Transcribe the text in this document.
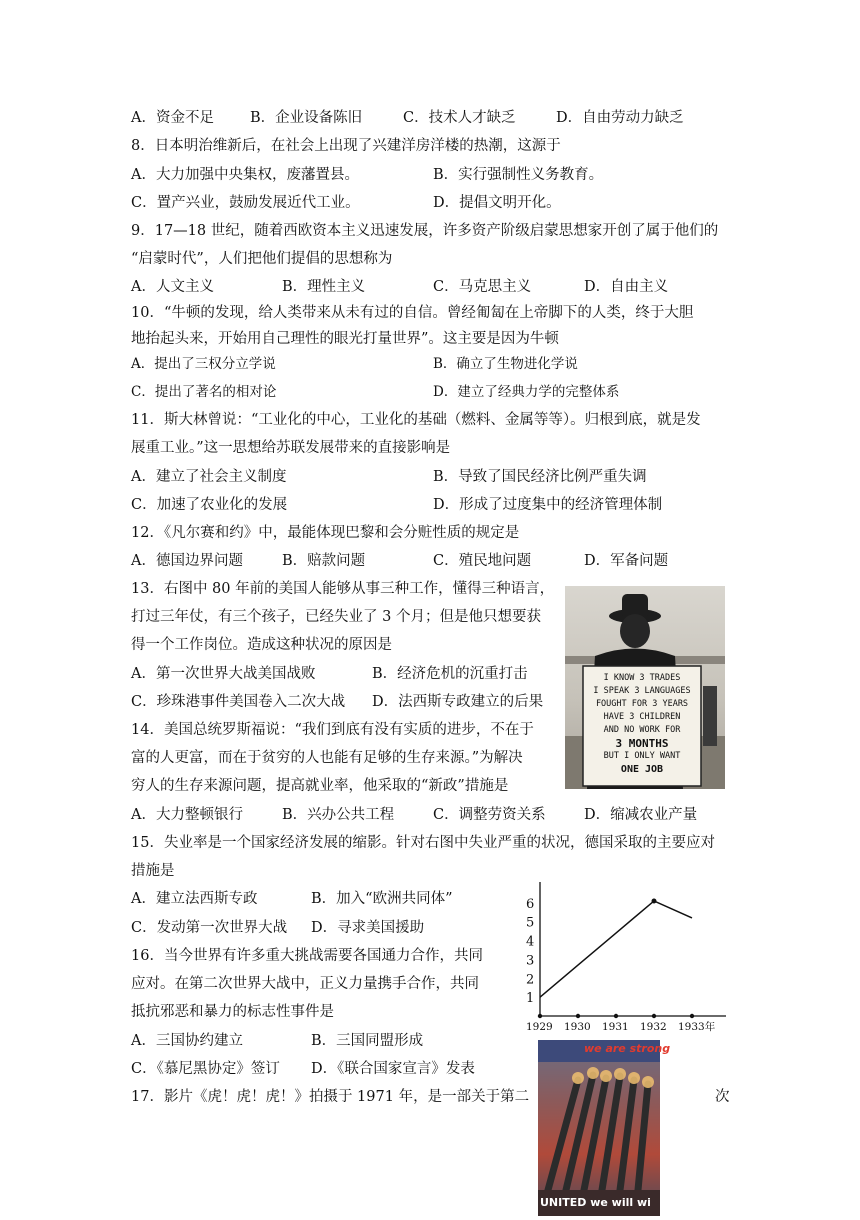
A．资金不足 B．企业设备陈旧	C．技术人才缺乏	D．自由劳动力缺乏
8．日本明治维新后，在社会上出现了兴建洋房洋楼的热潮，这源于
A．大力加强中央集权，废藩置县。	B．实行强制性义务教育。
C．置产兴业，鼓励发展近代工业。	D．提倡文明开化。
9．17—18 世纪，随着西欧资本主义迅速发展，许多资产阶级启蒙思想家开创了属于他们的
“启蒙时代”，人们把他们提倡的思想称为
A．人文主义	B．理性主义	C．马克思主义	D．自由主义
10．“牛顿的发现，给人类带来从未有过的自信。曾经匍匐在上帝脚下的人类，终于大胆
地抬起头来，开始用自己理性的眼光打量世界”。这主要是因为牛顿
A．提出了三权分立学说	B．确立了生物进化学说
C．提出了著名的相对论	D．建立了经典力学的完整体系
11．斯大林曾说：“工业化的中心，工业化的基础（燃料、金属等等）。归根到底，就是发
展重工业。”这一思想给苏联发展带来的直接影响是
A．建立了社会主义制度	B．导致了国民经济比例严重失调
C．加速了农业化的发展	D．形成了过度集中的经济管理体制
12．《凡尔赛和约》中，最能体现巴黎和会分赃性质的规定是
A．德国边界问题	B．赔款问题	C．殖民地问题	D．军备问题
13．右图中 80 年前的美国人能够从事三种工作，懂得三种语言，
打过三年仗，有三个孩子，已经失业了 3 个月；但是他只想要获
得一个工作岗位。造成这种状况的原因是
A．第一次世界大战美国战败	B．经济危机的沉重打击
C．珍珠港事件美国卷入二次大战 D．法西斯专政建立的后果
I KNOW 3 TRADES
I SPEAK 3 LANGUAGES
FOUGHT FOR 3 YEARS
HAVE 3 CHILDREN
AND NO WORK FOR
3 MONTHS
BUT I ONLY WANT
ONE JOB
14．美国总统罗斯福说：“我们到底有没有实质的进步，不在于
富的人更富，而在于贫穷的人也能有足够的生存来源。”为解决
穷人的生存来源问题，提高就业率，他采取的“新政”措施是
A．大力整顿银行	B．兴办公共工程	C．调整劳资关系	D．缩减农业产量
15．失业率是一个国家经济发展的缩影。针对右图中失业严重的状况，德国采取的主要应对
措施是
A．建立法西斯专政	B．加入“欧洲共同体”
C．发动第一次世界大战 D．寻求美国援助
1
2
3
4
5
6
1929 1930 1931 1932 1933年
16．当今世界有许多重大挑战需要各国通力合作，共同
应对。在第二次世界大战中，正义力量携手合作，共同
抵抗邪恶和暴力的标志性事件是
A．三国协约建立	B．三国同盟形成
C．《慕尼黑协定》签订 D．《联合国家宣言》发表
17．影片《虎！虎！虎！》拍摄于 1971 年，是一部关于第二	次
we are strong
UNITED we will wi
